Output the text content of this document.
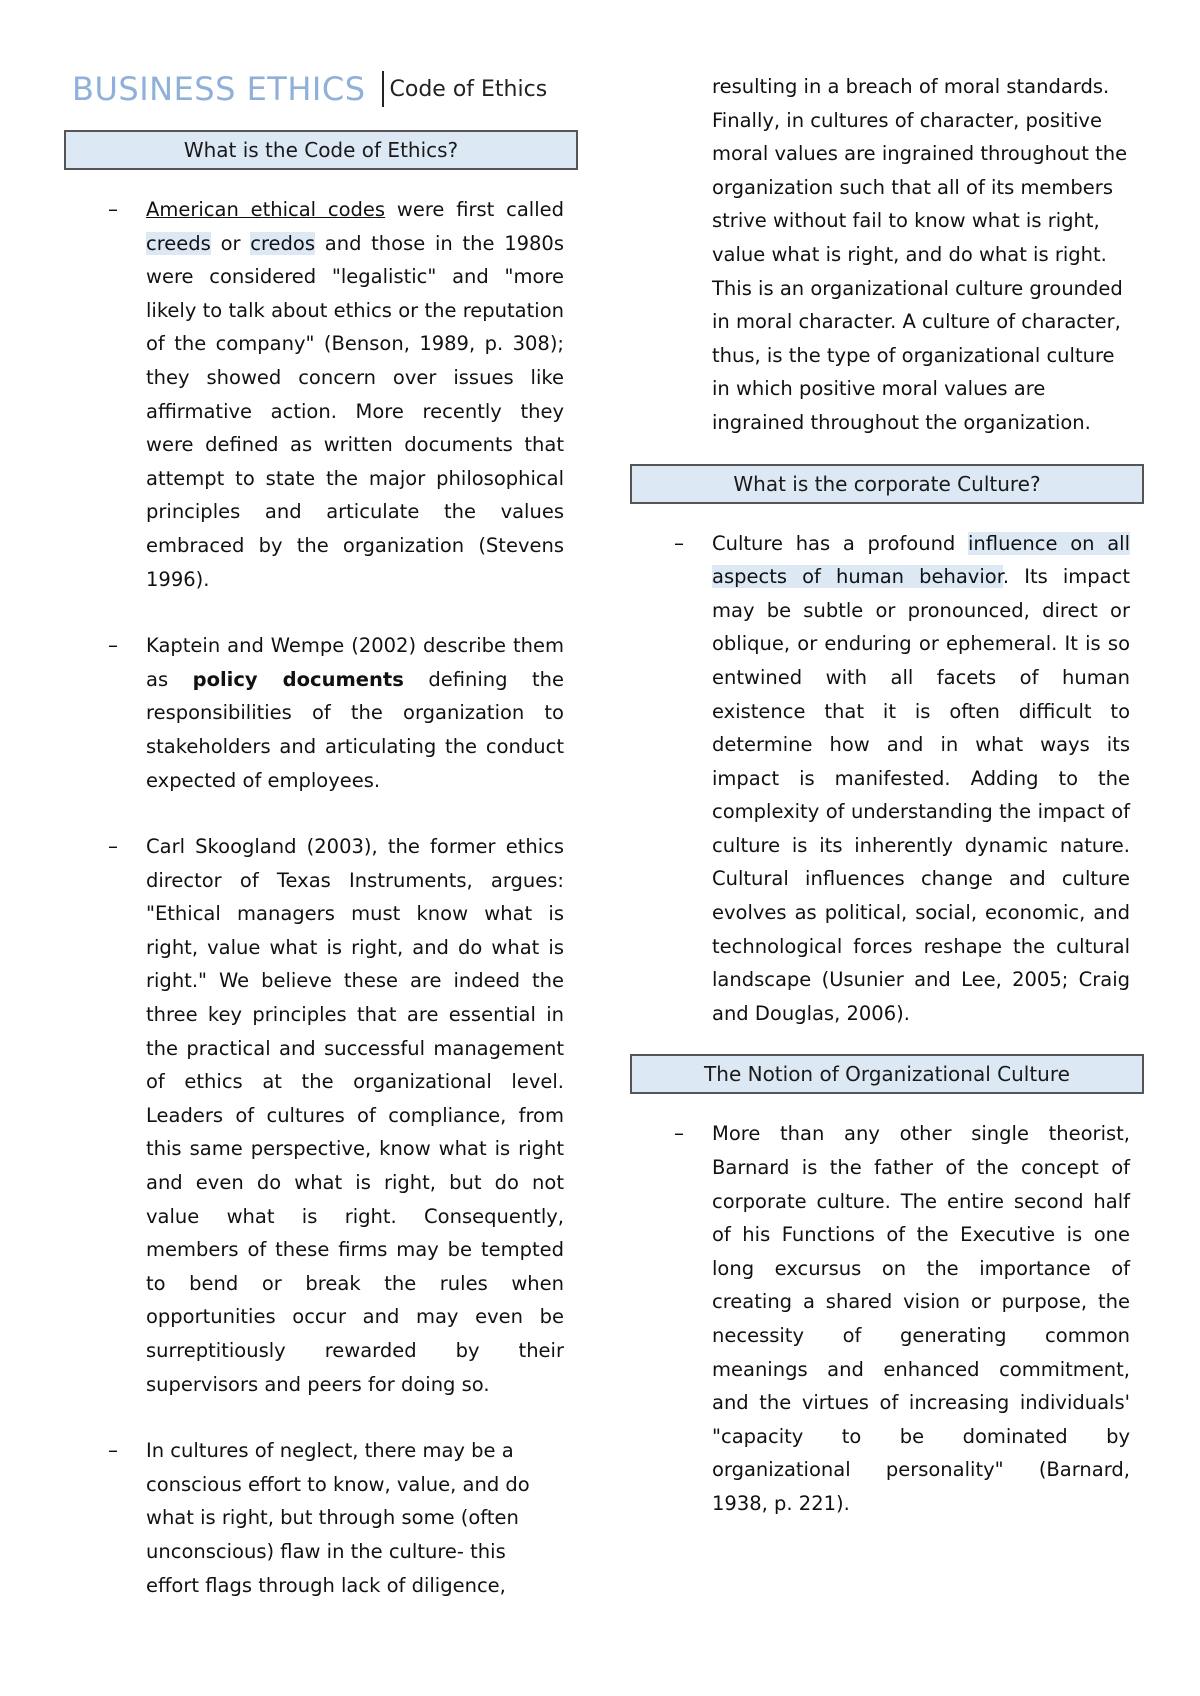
BUSINESS ETHICS Code of Ethics
What is the Code of Ethics?
– American ethical codes were first called creeds or credos and those in the 1980s were considered "legalistic" and "more likely to talk about ethics or the reputation of the company" (Benson, 1989, p. 308); they showed concern over issues like affirmative action. More recently they were defined as written documents that attempt to state the major philosophical principles and articulate the values embraced by the organization (Stevens 1996).
– Kaptein and Wempe (2002) describe them as policy documents defining the responsibilities of the organization to stakeholders and articulating the conduct expected of employees.
– Carl Skoogland (2003), the former ethics director of Texas Instruments, argues: "Ethical managers must know what is right, value what is right, and do what is right." We believe these are indeed the three key principles that are essential in the practical and successful management of ethics at the organizational level. Leaders of cultures of compliance, from this same perspective, know what is right and even do what is right, but do not value what is right. Consequently, members of these firms may be tempted to bend or break the rules when opportunities occur and may even be surreptitiously rewarded by their supervisors and peers for doing so.
– In cultures of neglect, there may be a conscious effort to know, value, and do what is right, but through some (often unconscious) flaw in the culture- this effort flags through lack of diligence,
resulting in a breach of moral standards. Finally, in cultures of character, positive moral values are ingrained throughout the organization such that all of its members strive without fail to know what is right, value what is right, and do what is right. This is an organizational culture grounded in moral character. A culture of character, thus, is the type of organizational culture in which positive moral values are ingrained throughout the organization.
What is the corporate Culture?
– Culture has a profound influence on all aspects of human behavior. Its impact may be subtle or pronounced, direct or oblique, or enduring or ephemeral. It is so entwined with all facets of human existence that it is often difficult to determine how and in what ways its impact is manifested. Adding to the complexity of understanding the impact of culture is its inherently dynamic nature. Cultural influences change and culture evolves as political, social, economic, and technological forces reshape the cultural landscape (Usunier and Lee, 2005; Craig and Douglas, 2006).
The Notion of Organizational Culture
– More than any other single theorist, Barnard is the father of the concept of corporate culture. The entire second half of his Functions of the Executive is one long excursus on the importance of creating a shared vision or purpose, the necessity of generating common meanings and enhanced commitment, and the virtues of increasing individuals' "capacity to be dominated by organizational personality" (Barnard, 1938, p. 221).
